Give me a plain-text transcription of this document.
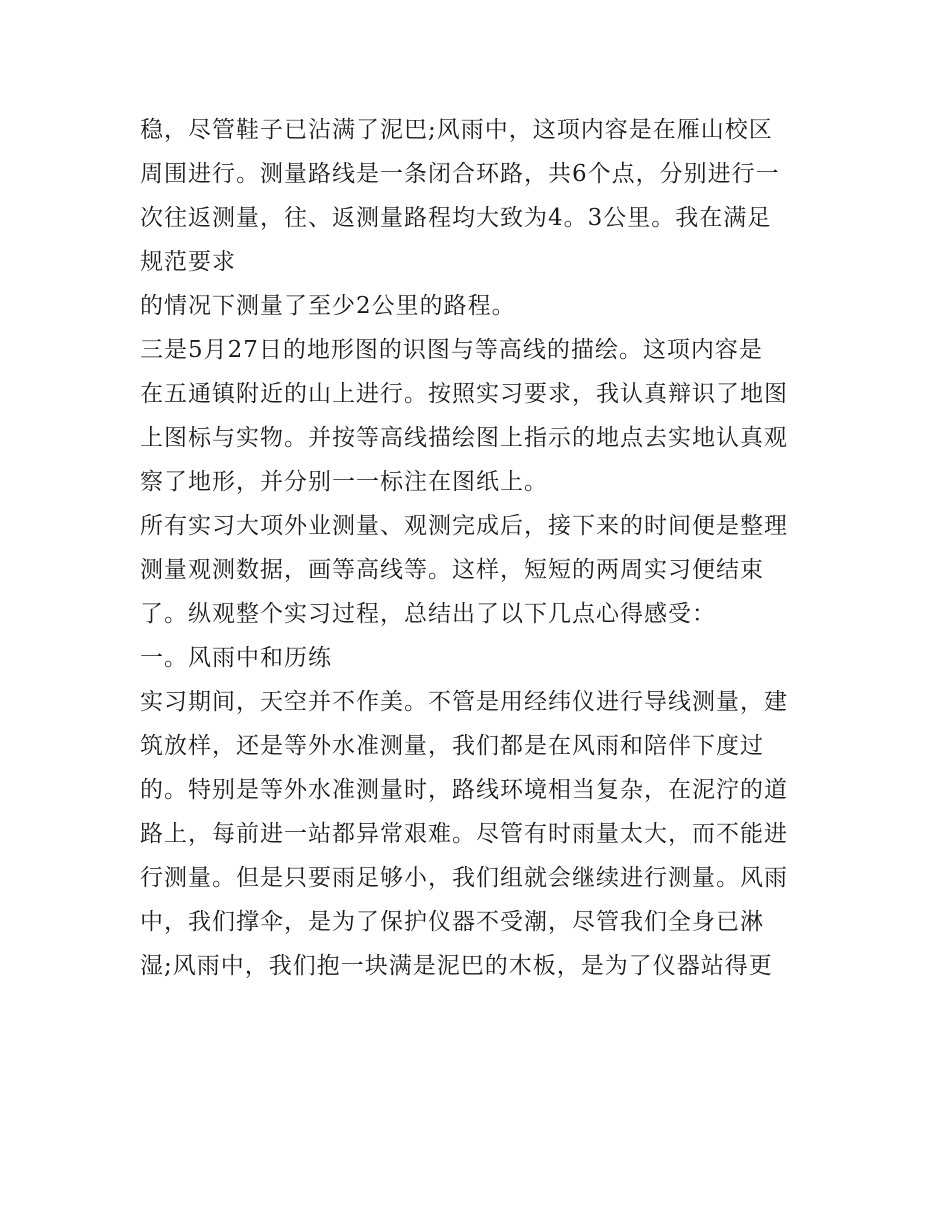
稳，尽管鞋子已沾满了泥巴;风雨中，这项内容是在雁山校区
周围进行。测量路线是一条闭合环路，共6个点，分别进行一
次往返测量，往、返测量路程均大致为4。3公里。我在满足
规范要求
的情况下测量了至少2公里的路程。
三是5月27日的地形图的识图与等高线的描绘。这项内容是
在五通镇附近的山上进行。按照实习要求，我认真辩识了地图
上图标与实物。并按等高线描绘图上指示的地点去实地认真观
察了地形，并分别一一标注在图纸上。
所有实习大项外业测量、观测完成后，接下来的时间便是整理
测量观测数据，画等高线等。这样，短短的两周实习便结束
了。纵观整个实习过程，总结出了以下几点心得感受：
一。风雨中和历练
实习期间，天空并不作美。不管是用经纬仪进行导线测量，建
筑放样，还是等外水准测量，我们都是在风雨和陪伴下度过
的。特别是等外水准测量时，路线环境相当复杂，在泥泞的道
路上，每前进一站都异常艰难。尽管有时雨量太大，而不能进
行测量。但是只要雨足够小，我们组就会继续进行测量。风雨
中，我们撑伞，是为了保护仪器不受潮，尽管我们全身已淋
湿;风雨中，我们抱一块满是泥巴的木板，是为了仪器站得更
